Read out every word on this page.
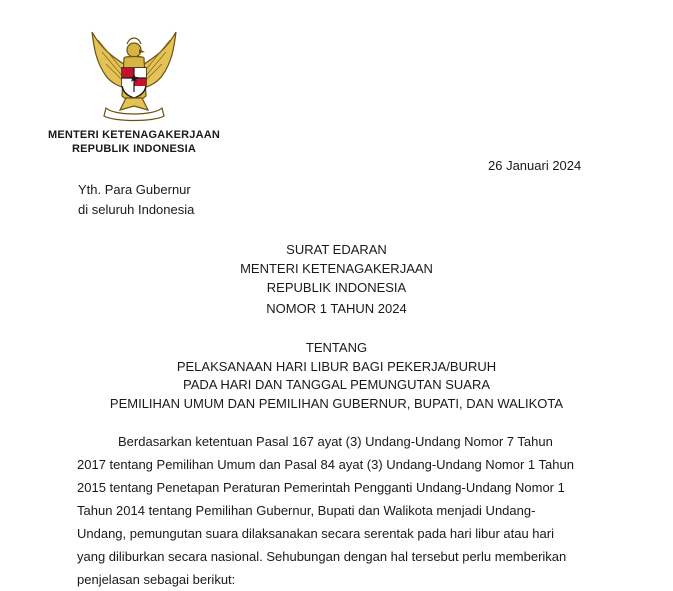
MENTERI KETENAGAKERJAAN
REPUBLIK INDONESIA
26 Januari 2024
Yth. Para Gubernur
di seluruh Indonesia
SURAT EDARAN
MENTERI KETENAGAKERJAAN
REPUBLIK INDONESIA
NOMOR 1 TAHUN 2024
TENTANG
PELAKSANAAN HARI LIBUR BAGI PEKERJA/BURUH
PADA HARI DAN TANGGAL PEMUNGUTAN SUARA
PEMILIHAN UMUM DAN PEMILIHAN GUBERNUR, BUPATI, DAN WALIKOTA
Berdasarkan ketentuan Pasal 167 ayat (3) Undang-Undang Nomor 7 Tahun
2017 tentang Pemilihan Umum dan Pasal 84 ayat (3) Undang-Undang Nomor 1 Tahun
2015 tentang Penetapan Peraturan Pemerintah Pengganti Undang-Undang Nomor 1
Tahun 2014 tentang Pemilihan Gubernur, Bupati dan Walikota menjadi Undang-
Undang, pemungutan suara dilaksanakan secara serentak pada hari libur atau hari
yang diliburkan secara nasional. Sehubungan dengan hal tersebut perlu memberikan
penjelasan sebagai berikut:
